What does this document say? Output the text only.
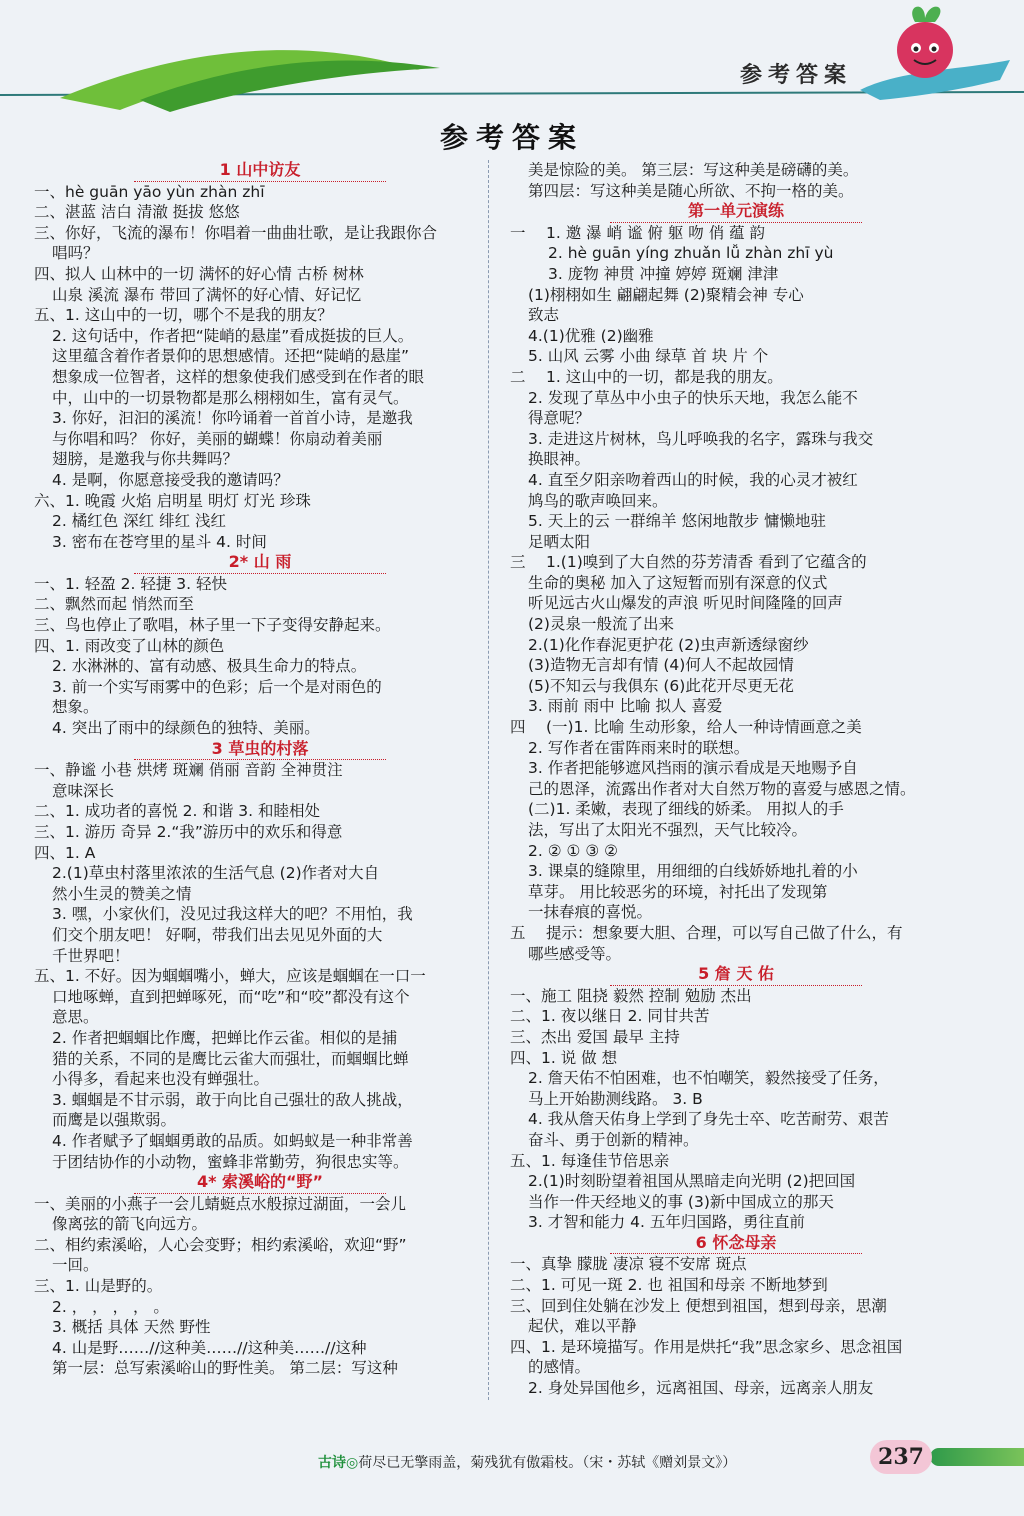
参考答案
参考答案
1 山中访友
一、hè guān yāo yùn zhàn zhī
二、湛蓝 洁白 清澈 挺拔 悠悠
三、你好，飞流的瀑布！你唱着一曲曲壮歌，是让我跟你合
唱吗？
四、拟人 山林中的一切 满怀的好心情 古桥 树林
山泉 溪流 瀑布 带回了满怀的好心情、好记忆
五、1. 这山中的一切，哪个不是我的朋友？
2. 这句话中，作者把“陡峭的悬崖”看成挺拔的巨人。
这里蕴含着作者景仰的思想感情。还把“陡峭的悬崖”
想象成一位智者，这样的想象使我们感受到在作者的眼
中，山中的一切景物都是那么栩栩如生，富有灵气。
3. 你好，汩汩的溪流！你吟诵着一首首小诗，是邀我
与你唱和吗？ 你好，美丽的蝴蝶！你扇动着美丽
翅膀，是邀我与你共舞吗？
4. 是啊，你愿意接受我的邀请吗？
六、1. 晚霞 火焰 启明星 明灯 灯光 珍珠
2. 橘红色 深红 绯红 浅红
3. 密布在苍穹里的星斗 4. 时间
2* 山 雨
一、1. 轻盈 2. 轻捷 3. 轻快
二、飘然而起 悄然而至
三、鸟也停止了歌唱，林子里一下子变得安静起来。
四、1. 雨改变了山林的颜色
2. 水淋淋的、富有动感、极具生命力的特点。
3. 前一个实写雨雾中的色彩；后一个是对雨色的
想象。
4. 突出了雨中的绿颜色的独特、美丽。
3 草虫的村落
一、静谧 小巷 烘烤 斑斓 俏丽 音韵 全神贯注
意味深长
二、1. 成功者的喜悦 2. 和谐 3. 和睦相处
三、1. 游历 奇异 2.“我”游历中的欢乐和得意
四、1. A
2.(1)草虫村落里浓浓的生活气息 (2)作者对大自
然小生灵的赞美之情
3. 嘿，小家伙们，没见过我这样大的吧？不用怕，我
们交个朋友吧！ 好啊，带我们出去见见外面的大
千世界吧！
五、1. 不好。因为蝈蝈嘴小，蝉大，应该是蝈蝈在一口一
口地啄蝉，直到把蝉啄死，而“吃”和“咬”都没有这个
意思。
2. 作者把蝈蝈比作鹰，把蝉比作云雀。相似的是捕
猎的关系，不同的是鹰比云雀大而强壮，而蝈蝈比蝉
小得多，看起来也没有蝉强壮。
3. 蝈蝈是不甘示弱，敢于向比自己强壮的敌人挑战，
而鹰是以强欺弱。
4. 作者赋予了蝈蝈勇敢的品质。如蚂蚁是一种非常善
于团结协作的小动物，蜜蜂非常勤劳，狗很忠实等。
4* 索溪峪的“野”
一、美丽的小燕子一会儿蜻蜓点水般掠过湖面，一会儿
像离弦的箭飞向远方。
二、相约索溪峪，人心会变野；相约索溪峪，欢迎“野”
一回。
三、1. 山是野的。
2. ， ， ， ， 。
3. 概括 具体 天然 野性
4. 山是野……//这种美……//这种美……//这种
第一层：总写索溪峪山的野性美。 第二层：写这种
美是惊险的美。 第三层：写这种美是磅礴的美。
第四层：写这种美是随心所欲、不拘一格的美。
第一单元演练
一 1. 邀 瀑 峭 谧 俯 躯 吻 俏 蕴 韵
2. hè guān yíng zhuǎn lǚ zhàn zhī yù
3. 庞物 神贯 冲撞 婷婷 斑斓 津津
(1)栩栩如生 翩翩起舞 (2)聚精会神 专心
致志
4.(1)优雅 (2)幽雅
5. 山风 云雾 小曲 绿草 首 块 片 个
二 1. 这山中的一切，都是我的朋友。
2. 发现了草丛中小虫子的快乐天地，我怎么能不
得意呢？
3. 走进这片树林，鸟儿呼唤我的名字，露珠与我交
换眼神。
4. 直至夕阳亲吻着西山的时候，我的心灵才被红
鸠鸟的歌声唤回来。
5. 天上的云 一群绵羊 悠闲地散步 慵懒地驻
足晒太阳
三 1.(1)嗅到了大自然的芬芳清香 看到了它蕴含的
生命的奥秘 加入了这短暂而别有深意的仪式
听见远古火山爆发的声浪 听见时间隆隆的回声
(2)灵泉一般流了出来
2.(1)化作春泥更护花 (2)虫声新透绿窗纱
(3)造物无言却有情 (4)何人不起故园情
(5)不知云与我俱东 (6)此花开尽更无花
3. 雨前 雨中 比喻 拟人 喜爱
四 (一)1. 比喻 生动形象，给人一种诗情画意之美
2. 写作者在雷阵雨来时的联想。
3. 作者把能够遮风挡雨的演示看成是天地赐予自
己的恩泽，流露出作者对大自然万物的喜爱与感恩之情。
(二)1. 柔嫩，表现了细线的娇柔。 用拟人的手
法，写出了太阳光不强烈，天气比较冷。
2. ② ① ③ ②
3. 课桌的缝隙里，用细细的白线娇娇地扎着的小
草芽。 用比较恶劣的环境，衬托出了发现第
一抹春痕的喜悦。
五 提示：想象要大胆、合理，可以写自己做了什么，有
哪些感受等。
5 詹 天 佑
一、施工 阻挠 毅然 控制 勉励 杰出
二、1. 夜以继日 2. 同甘共苦
三、杰出 爱国 最早 主持
四、1. 说 做 想
2. 詹天佑不怕困难，也不怕嘲笑，毅然接受了任务，
马上开始勘测线路。 3. B
4. 我从詹天佑身上学到了身先士卒、吃苦耐劳、艰苦
奋斗、勇于创新的精神。
五、1. 每逢佳节倍思亲
2.(1)时刻盼望着祖国从黑暗走向光明 (2)把回国
当作一件天经地义的事 (3)新中国成立的那天
3. 才智和能力 4. 五年归国路，勇往直前
6 怀念母亲
一、真挚 朦胧 凄凉 寝不安席 斑点
二、1. 可见一斑 2. 也 祖国和母亲 不断地梦到
三、回到住处躺在沙发上 便想到祖国，想到母亲，思潮
起伏，难以平静
四、1. 是环境描写。作用是烘托“我”思念家乡、思念祖国
的感情。
2. 身处异国他乡，远离祖国、母亲，远离亲人朋友
古诗◎荷尽已无擎雨盖，菊残犹有傲霜枝。（宋・苏轼《赠刘景文》）	237
